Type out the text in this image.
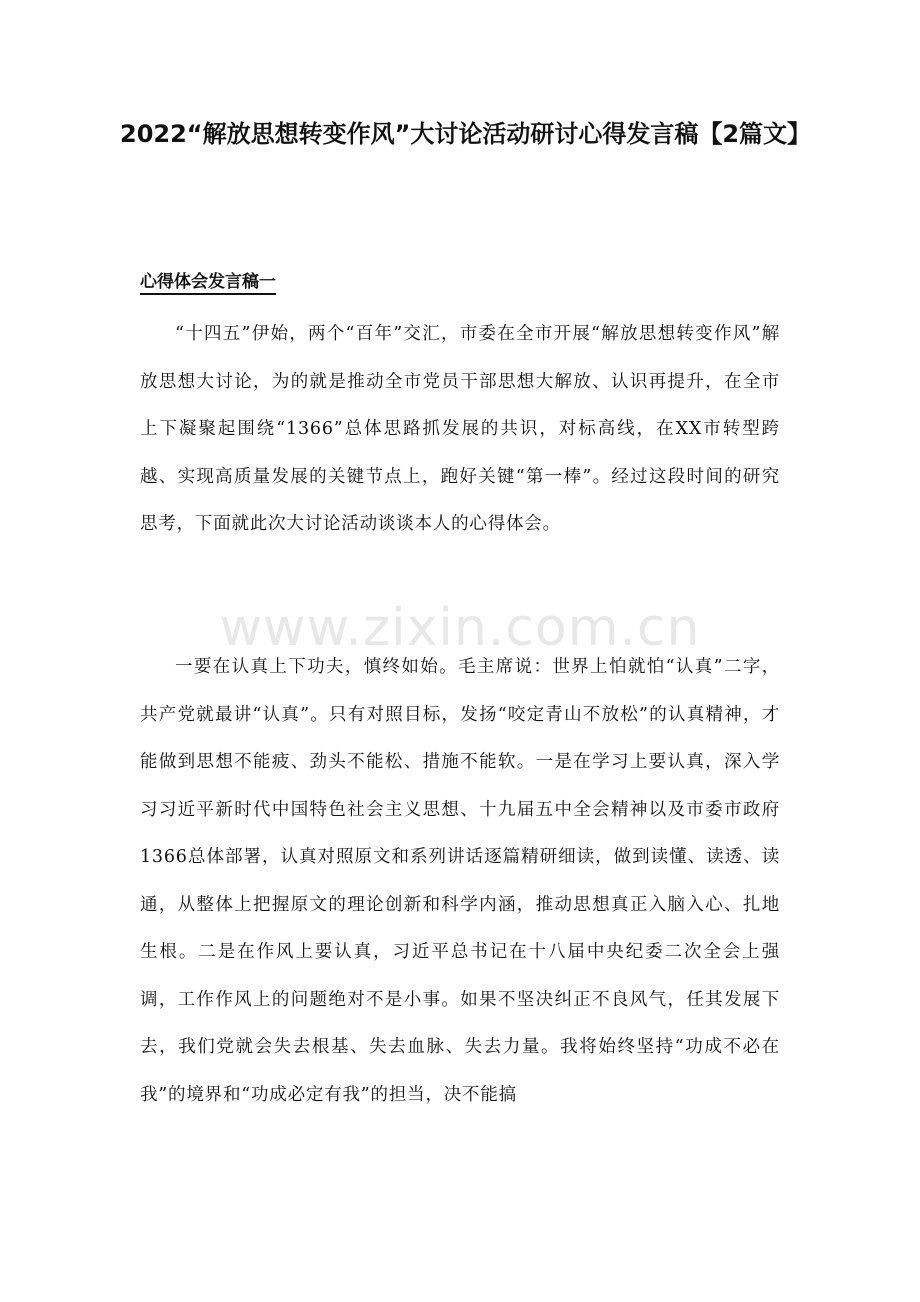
2022“解放思想转变作风”大讨论活动研讨心得发言稿【2篇文】
心得体会发言稿一

“十四五”伊始，两个“百年”交汇，市委在全市开展“解放思想转变作风”解放思想大讨论，为的就是推动全市党员干部思想大解放、认识再提升，在全市上下凝聚起围绕“1366”总体思路抓发展的共识，对标高线，在XX市转型跨越、实现高质量发展的关键节点上，跑好关键“第一棒”。经过这段时间的研究思考，下面就此次大讨论活动谈谈本人的心得体会。

www.zixin.com.cn

一要在认真上下功夫，慎终如始。毛主席说：世界上怕就怕“认真”二字，共产党就最讲“认真”。只有对照目标，发扬“咬定青山不放松”的认真精神，才能做到思想不能疲、劲头不能松、措施不能软。一是在学习上要认真，深入学习习近平新时代中国特色社会主义思想、十九届五中全会精神以及市委市政府1366总体部署，认真对照原文和系列讲话逐篇精研细读，做到读懂、读透、读通，从整体上把握原文的理论创新和科学内涵，推动思想真正入脑入心、扎地生根。二是在作风上要认真，习近平总书记在十八届中央纪委二次全会上强调，工作作风上的问题绝对不是小事。如果不坚决纠正不良风气，任其发展下去，我们党就会失去根基、失去血脉、失去力量。我将始终坚持“功成不必在我”的境界和“功成必定有我”的担当，决不能搞
